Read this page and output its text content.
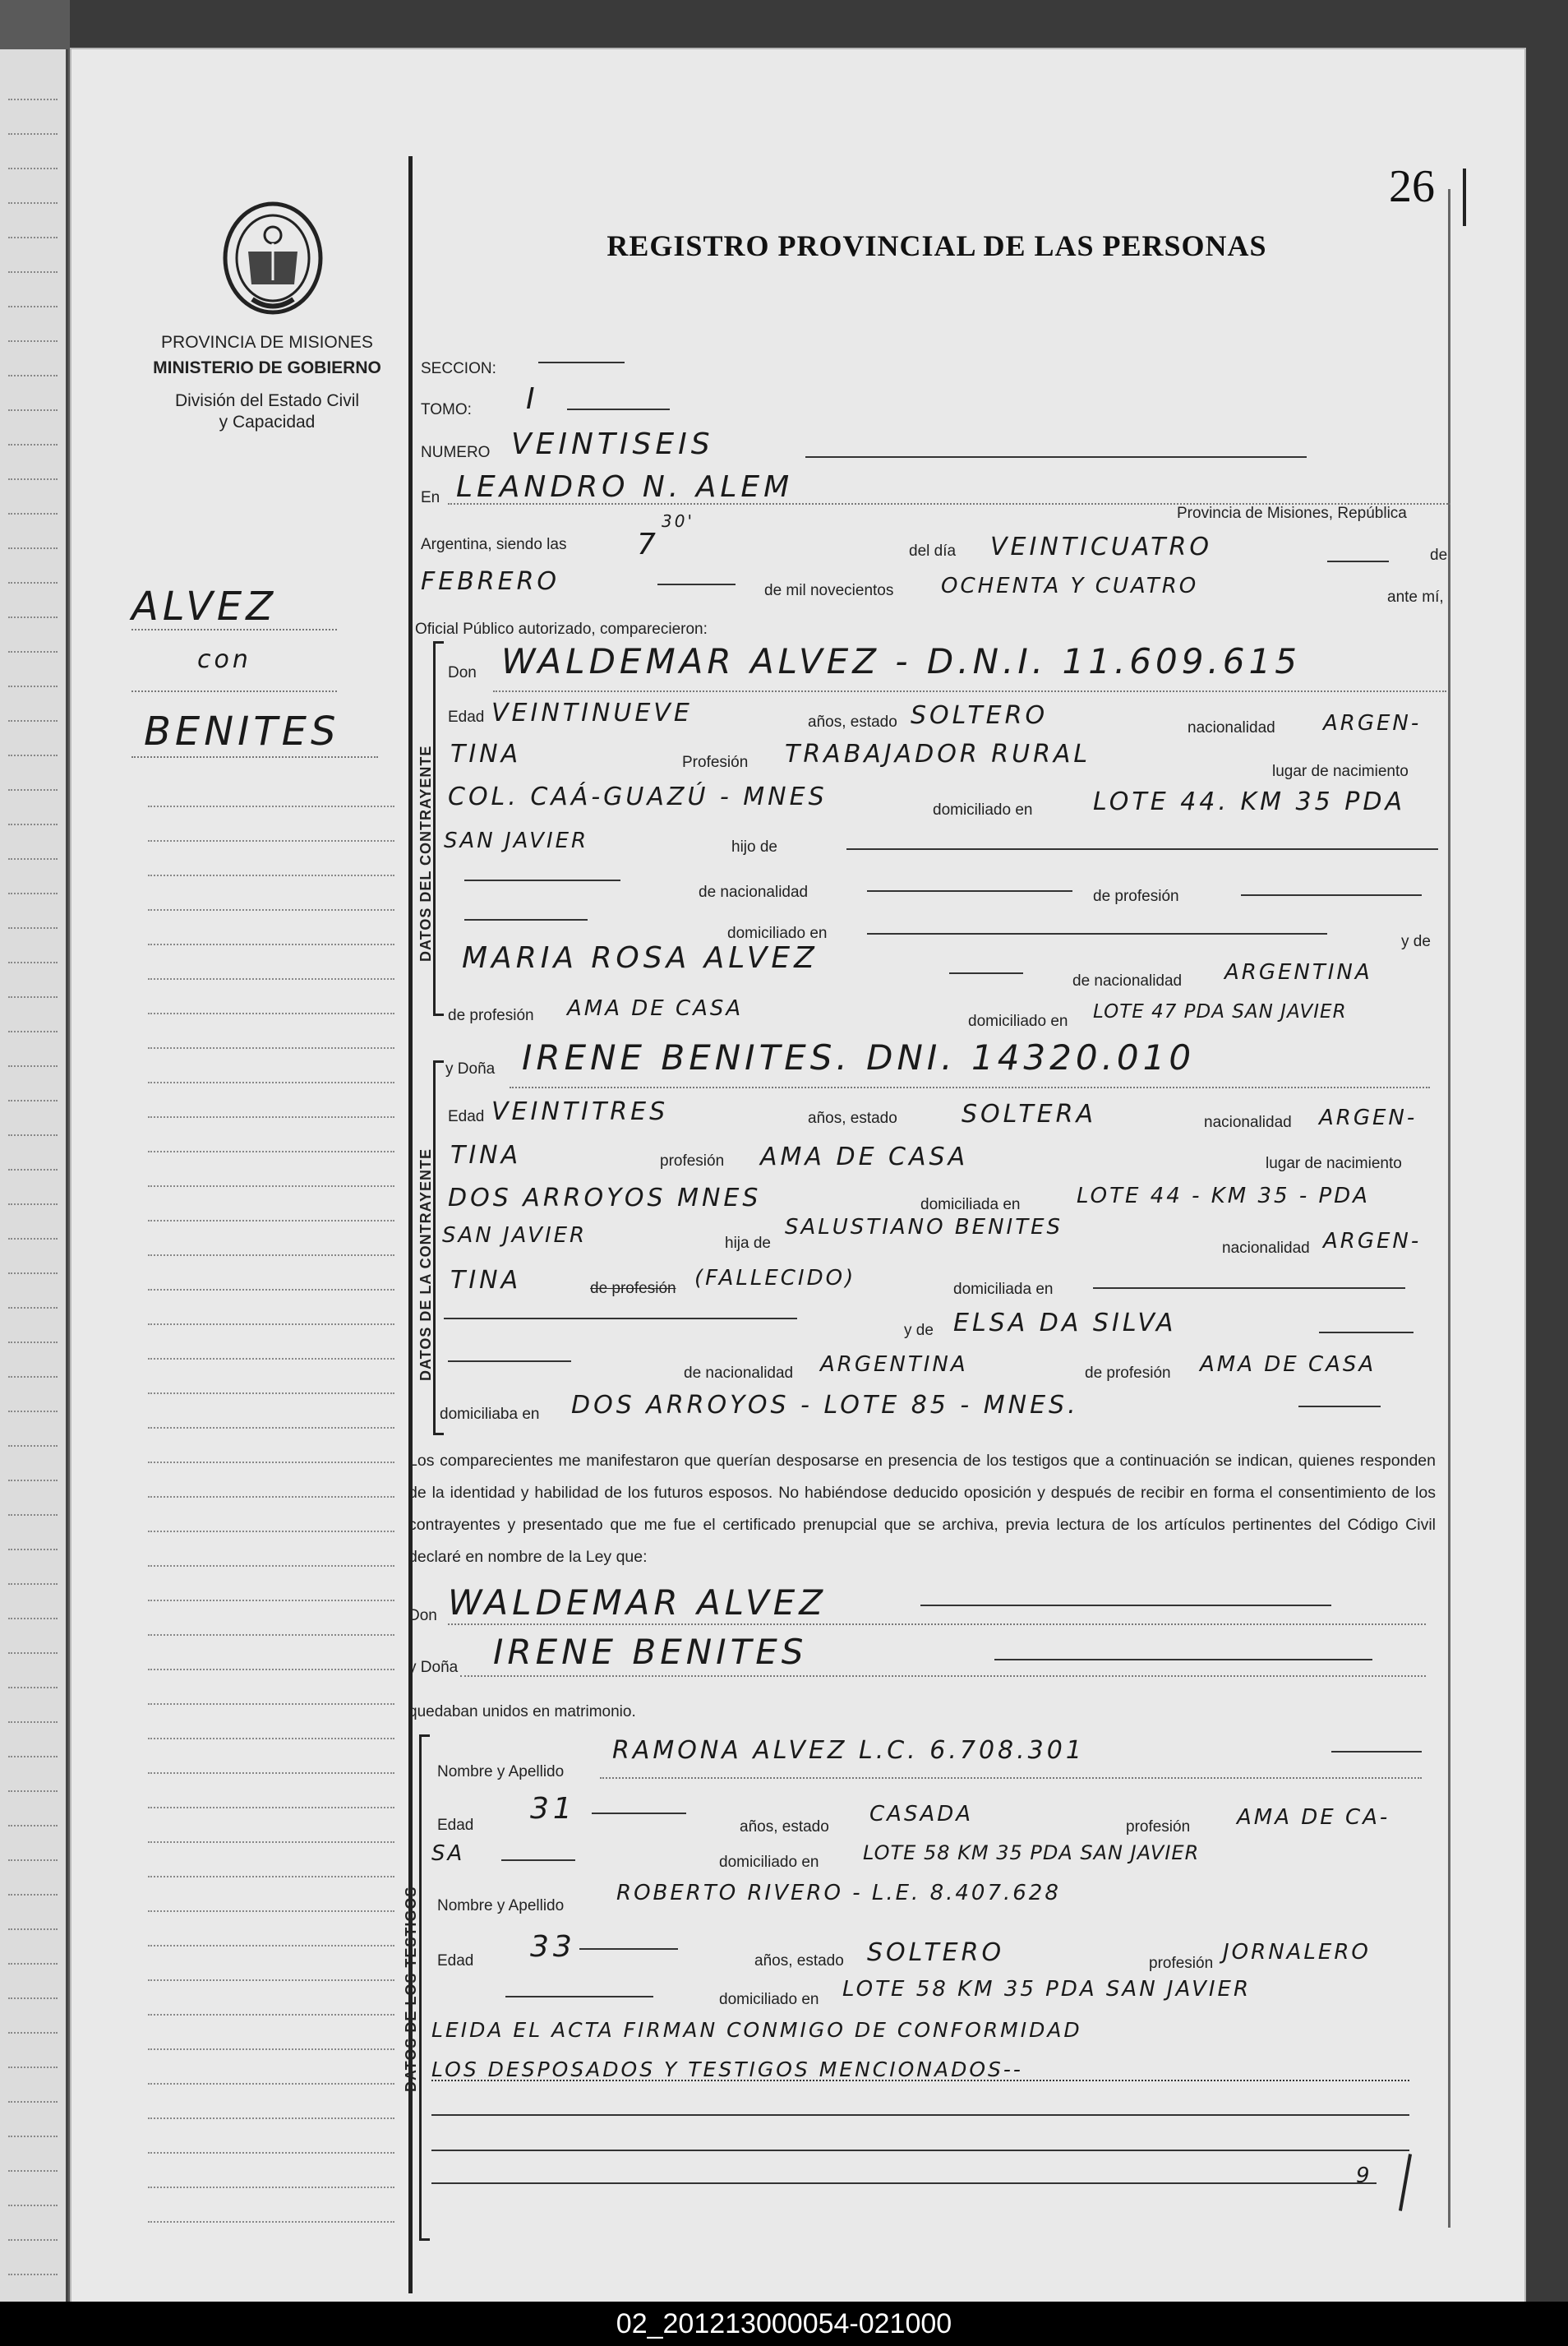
PROVINCIA DE MISIONES
MINISTERIO DE GOBIERNO
División del Estado Civil
y Capacidad
REGISTRO PROVINCIAL DE LAS PERSONAS
26
ALVEZ
con
BENITES
SECCION:
TOMO: I
NUMERO VEINTISEIS
En LEANDRO N. ALEM
Provincia de Misiones, República
Argentina, siendo las 7
30'
del día VEINTICUATRO	de
FEBRERO	de mil novecientos OCHENTA Y CUATRO	ante mí,
Oficial Público autorizado, comparecieron:
DATOS DEL CONTRAYENTE
Don WALDEMAR ALVEZ - D.N.I. 11.609.615
Edad VEINTINUEVE	años, estado SOLTERO	nacionalidad ARGEN-
TINA	Profesión TRABAJADOR RURAL
lugar de nacimiento
COL. CAÁ-GUAZÚ - MNES	domiciliado en LOTE 44. KM 35 PDA
SAN JAVIER	hijo de
de nacionalidad	de profesión
domiciliado en	y de
MARIA ROSA ALVEZ
de nacionalidad ARGENTINA
de profesión AMA DE CASA
domiciliado en LOTE 47 PDA SAN JAVIER
y Doña IRENE BENITES. DNI. 14320.010
DATOS DE LA CONTRAYENTE
Edad VEINTITRES	años, estado	SOLTERA	nacionalidad ARGEN-
TINA	profesión AMA DE CASA	lugar de nacimiento
DOS ARROYOS MNES	domiciliada en	LOTE 44 - KM 35 - PDA
SAN JAVIER	hija de
SALUSTIANO BENITES
nacionalidad ARGEN-
TINA	de profesión (FALLECIDO)	domiciliada en
y de ELSA DA SILVA
de nacionalidad ARGENTINA	de profesión AMA DE CASA
domiciliaba en DOS ARROYOS - LOTE 85 - MNES.
Los comparecientes me manifestaron que querían desposarse en presencia de los testigos que a continuación se indican, quienes responden de la identidad y habilidad de los futuros esposos. No habiéndose deducido oposición y después de recibir en forma el consentimiento de los contrayentes y presentado que me fue el certificado prenupcial que se archiva, previa lectura de los artículos pertinentes del Código Civil declaré en nombre de la Ley que:
Don WALDEMAR ALVEZ
y Doña IRENE BENITES
quedaban unidos en matrimonio.
DATOS DE LOS TESTIGOS
Nombre y Apellido
RAMONA ALVEZ L.C. 6.708.301
Edad 31
años, estado
CASADA
profesión AMA DE CA-
SA	domiciliado en LOTE 58 KM 35 PDA SAN JAVIER
Nombre y Apellido
ROBERTO RIVERO - L.E. 8.407.628
Edad 33	años, estado SOLTERO	profesión JORNALERO
domiciliado en LOTE 58 KM 35 PDA SAN JAVIER
LEIDA EL ACTA FIRMAN CONMIGO DE CONFORMIDAD
LOS DESPOSADOS Y TESTIGOS MENCIONADOS--
9
02_201213000054-021000
